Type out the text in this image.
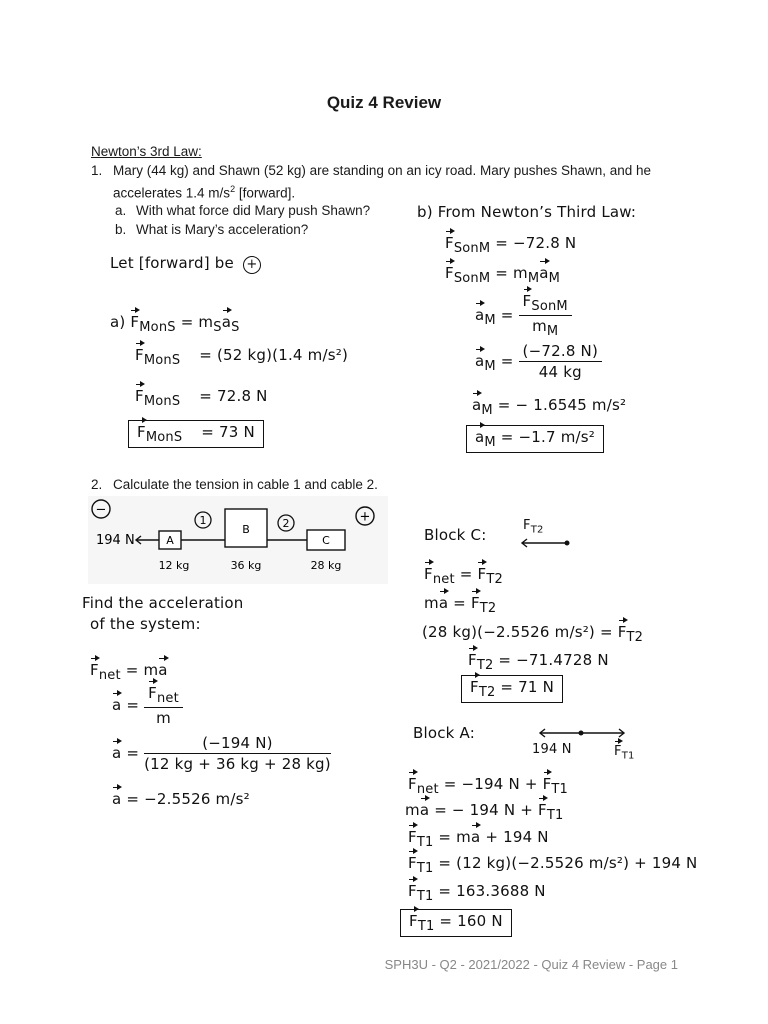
Quiz 4 Review
Newton’s 3rd Law:
1. Mary (44 kg) and Shawn (52 kg) are standing on an icy road. Mary pushes Shawn, and he
accelerates 1.4 $m/s^2$ [forward].
a. With what force did Mary push Shawn?
b. What is Mary’s acceleration?
Let [forward] be +
a) $F_{MonS} = m_Sa_S$
$F_{MonS} = (52$ kg)(1.4 m/s²)
$F_{MonS} = 72.8$ N
$F_{MonS} = 73$ N
b) From Newton’s Third Law:
$F_{SonM} = -72.8$ N
$F_{SonM} = m_Ma_M$
$a_M = \frac{F_{SonM}}{m_M}$
$a_M = \frac{(-72.8 N)}{44 kg}$
$a_M$ = − 1.6545 m/s²
$a_M = -1.7$ m/s²
2. Calculate the tension in cable 1 and cable 2.
−	+
194 N	A
1
B	2
C
12 kg	36 kg	28 kg
Find the acceleration
of the system:
$F_{net}$ = ma
$a = \frac{F_{net}}{m}$
$a = \frac{(-194 N)}{(12 kg + 36 kg + 28 kg)}$
a = −2.5526 m/s²
Block C:
$F_{T2}$
$F_{net} = F_{T2}$
ma = $F_{T2}$
(28 kg)(−2.5526 $m/s^2) = F_{T2}$
$F_{T2} = -71.4728$ N
$F_{T2} = 71$ N
Block A:
194 N	$F_{T1}$
$F_{net} = -194$ $N + F_{T1}$
ma = − 194 $N + F_{T1}$
$F_{T1}$ = ma + 194 N
$F_{T1} = (12$ kg)(−2.5526 m/s²) + 194 N
$F_{T1} = 163.3688$ N
$F_{T1} = 160$ N
SPH3U - Q2 - 2021/2022 - Quiz 4 Review - Page 1
